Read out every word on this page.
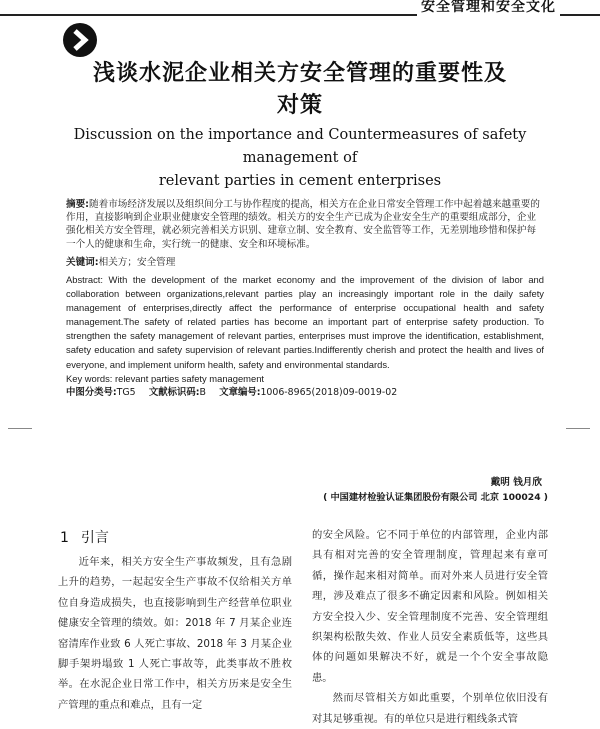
安全管理和安全文化
浅谈水泥企业相关方安全管理的重要性及
对策
Discussion on the importance and Countermeasures of safety management of
relevant parties in cement enterprises
摘要:随着市场经济发展以及组织间分工与协作程度的提高，相关方在企业日常安全管理工作中起着越来越重要的作用，直接影响到企业职业健康安全管理的绩效。相关方的安全生产已成为企业安全生产的重要组成部分，企业强化相关方安全管理，就必须完善相关方识别、建章立制、安全教育、安全监管等工作，无差别地珍惜和保护每一个人的健康和生命，实行统一的健康、安全和环境标准。
关键词:相关方；安全管理
Abstract: With the development of the market economy and the improvement of the division of labor and collaboration between organizations,relevant parties play an increasingly important role in the daily safety management of enterprises,directly affect the performance of enterprise occupational health and safety management.The safety of related parties has become an important part of enterprise safety production. To strengthen the safety management of relevant parties, enterprises must improve the identification, establishment, safety education and safety supervision of relevant parties.Indifferently cherish and protect the health and lives of everyone, and implement uniform health, safety and environmental standards.
Key words: relevant parties safety management
中图分类号:TG5 文献标识码:B 文章编号:1006-8965(2018)09-0019-02
戴明 钱月欣
( 中国建材检验认证集团股份有限公司 北京 100024 )
1 引言

近年来，相关方安全生产事故频发，且有急剧上升的趋势，一起起安全生产事故不仅给相关方单位自身造成损失，也直接影响到生产经营单位职业健康安全管理的绩效。如：2018 年 7 月某企业连窑清库作业致 6 人死亡事故、2018 年 3 月某企业脚手架坍塌致 1 人死亡事故等，此类事故不胜枚举。在水泥企业日常工作中，相关方历来是安全生产管理的重点和难点，且有一定

的安全风险。它不同于单位的内部管理，企业内部具有相对完善的安全管理制度，管理起来有章可循，操作起来相对简单。而对外来人员进行安全管理，涉及难点了很多不确定因素和风险。例如相关方安全投入少、安全管理制度不完善、安全管理组织架构松散失效、作业人员安全素质低等，这些具体的问题如果解决不好，就是一个个安全事故隐患。

然而尽管相关方如此重要，个别单位依旧没有对其足够重视。有的单位只是进行粗线条式管
